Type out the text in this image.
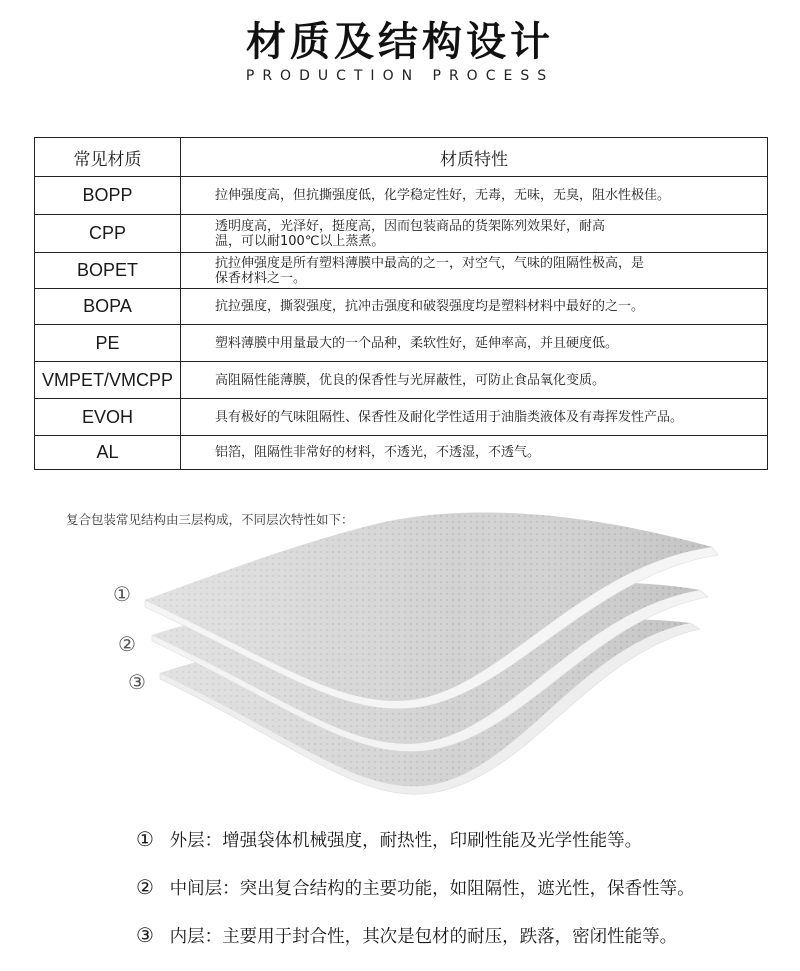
材质及结构设计
PRODUCTION PROCESS
常见材质	材质特性
BOPP	拉伸强度高，但抗撕强度低，化学稳定性好，无毒，无味，无臭，阻水性极佳。
CPP	透明度高，光泽好，挺度高，因而包装商品的货架陈列效果好，耐高温，可以耐100℃以上蒸煮。
BOPET	抗拉伸强度是所有塑料薄膜中最高的之一，对空气，气味的阻隔性极高，是保香材料之一。
BOPA	抗拉强度，撕裂强度，抗冲击强度和破裂强度均是塑料材料中最好的之一。
PE	塑料薄膜中用量最大的一个品种，柔软性好，延伸率高，并且硬度低。
VMPET/VMCPP	高阻隔性能薄膜，优良的保香性与光屏蔽性，可防止食品氧化变质。
EVOH	具有极好的气味阻隔性、保香性及耐化学性适用于油脂类液体及有毒挥发性产品。
AL	铝箔，阻隔性非常好的材料，不透光，不透湿，不透气。
复合包装常见结构由三层构成，不同层次特性如下：
①
②
③
① 外层：增强袋体机械强度，耐热性，印刷性能及光学性能等。
② 中间层：突出复合结构的主要功能，如阻隔性，遮光性，保香性等。
③ 内层：主要用于封合性，其次是包材的耐压，跌落，密闭性能等。
